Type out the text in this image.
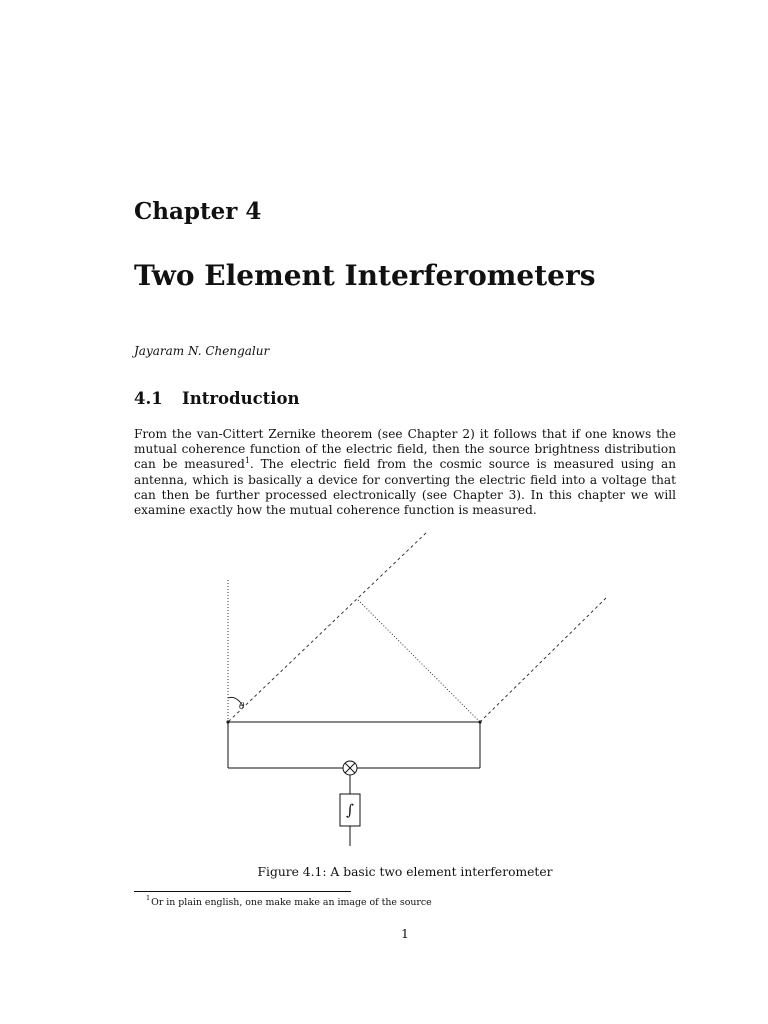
Chapter 4
Two Element Interferometers
Jayaram N. Chengalur
4.1 Introduction

From the van-Cittert Zernike theorem (see Chapter 2) it follows that if one knows the mutual coherence function of the electric field, then the source brightness distribution can be measured$^1$. The electric field from the cosmic source is measured using an antenna, which is basically a device for converting the electric field into a voltage that can then be further processed electronically (see Chapter 3). In this chapter we will examine exactly how the mutual coherence function is measured.

θ
⊗
∫
Figure 4.1: A basic two element interferometer
$^1$Or in plain english, one make make an image of the source
1
